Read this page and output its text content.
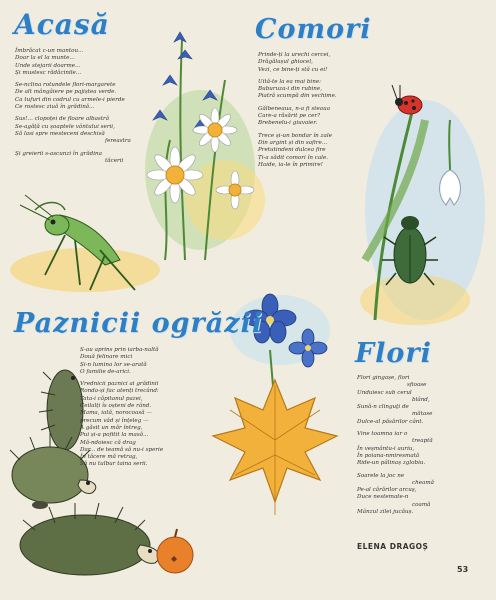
Acasă
Îmbrăcat c-un mantou...
Doar la el la munte...
Unde stejarii doarme...
Și mustesc rădăcinile...
Se-nclina rotundele flori-margarete
De alt mângâiere pe pajiștea verde.
Ca tufuri din codrul cu armele-i pierde
Ce rostesc ziuă în grădină...
Sus!... clopoței de floare albastră
Se-agăță cu șoaptele vântului serii,
Să lasi spre mesteceni deschisă
fereastra
Și greierii s-ascunzi în grădina
tăcerii
Comori
Prinde-ți la urechi cercei,
Drăgălașul ghiocel,
Vezi, ce bine-ți stă cu ei!
Uită-te la ea mai bine:
Buburuza-i din rubine,
Piatră scumpă din vechime.
Gălbeneaua, n-a fi steaua
Care-a răsărit pe cer?
Brebenelu-i giuvaier.
Trece și-un bondar în zale
Din argint și din safire...
Pretutindeni dulcea fire
Ți-a sădit comori în cale.
Haide, ia-le în primire!
Paznicii ogrăzii
S-au aprins prin iarba-naltă
Două felinare mici
Și-n lumina lor se-arată
O familie de-arici.
Vrednicii paznici ai grădinii
Ronda-și fac atenți trecând:
Tata-i căpitanul pazei,
Ceilalți îs oșteni de rând.
Mama, iată, norocoasă —
precum văd și înțeleg —
A găsit un măr întreg,
Pui și-a pofitit la masă...
Mă-ndoiesc că drag
Dar... de teamă să nu-i sperie
În tăcere mă retrag,
Să nu tulbur taina serii.
Flori
Flori gingașe, flori
sfioase
Unduiesc sub cerul
blând,
Sună-n clinguţi de
mătase
Dulce-al păsărilor cânt.
Vine toamna iar o
treaptă
În veșmântu-i auriu,
În poiana-nmiresmată
Ride-un pâlinaș zglobiu.
Soarele la joc ne
cheamă
Pe-al cărărilor arcuş,
Duce nestemate-n
coamă
Mânzul zilei jucăuș.
ELENA DRAGOȘ
53
